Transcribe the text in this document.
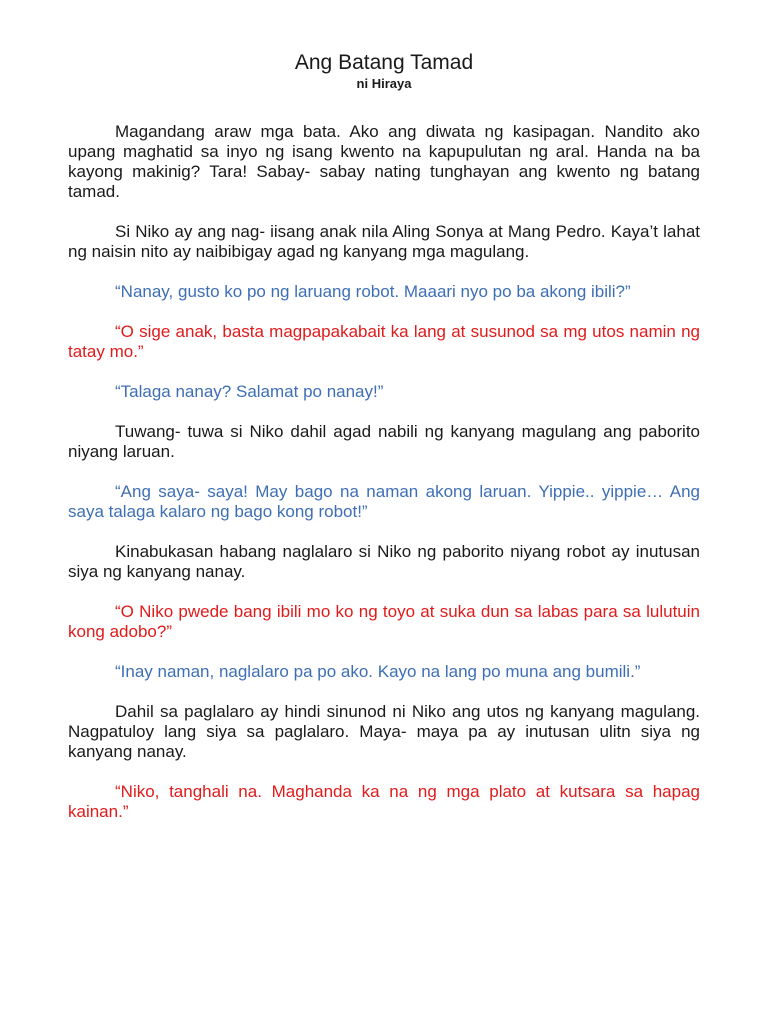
Ang Batang Tamad
ni Hiraya

Magandang araw mga bata. Ako ang diwata ng kasipagan. Nandito ako upang maghatid sa inyo ng isang kwento na kapupulutan ng aral. Handa na ba kayong makinig? Tara! Sabay- sabay nating tunghayan ang kwento ng batang tamad.

Si Niko ay ang nag- iisang anak nila Aling Sonya at Mang Pedro. Kaya’t lahat ng naisin nito ay naibibigay agad ng kanyang mga magulang.

“Nanay, gusto ko po ng laruang robot. Maaari nyo po ba akong ibili?”

“O sige anak, basta magpapakabait ka lang at susunod sa mg utos namin ng tatay mo.”

“Talaga nanay? Salamat po nanay!”

Tuwang- tuwa si Niko dahil agad nabili ng kanyang magulang ang paborito niyang laruan.

“Ang saya- saya! May bago na naman akong laruan. Yippie.. yippie… Ang saya talaga kalaro ng bago kong robot!”

Kinabukasan habang naglalaro si Niko ng paborito niyang robot ay inutusan siya ng kanyang nanay.

“O Niko pwede bang ibili mo ko ng toyo at suka dun sa labas para sa lulutuin kong adobo?”

“Inay naman, naglalaro pa po ako. Kayo na lang po muna ang bumili.”

Dahil sa paglalaro ay hindi sinunod ni Niko ang utos ng kanyang magulang. Nagpatuloy lang siya sa paglalaro. Maya- maya pa ay inutusan ulitn siya ng kanyang nanay.

“Niko, tanghali na. Maghanda ka na ng mga plato at kutsara sa hapag kainan.”
